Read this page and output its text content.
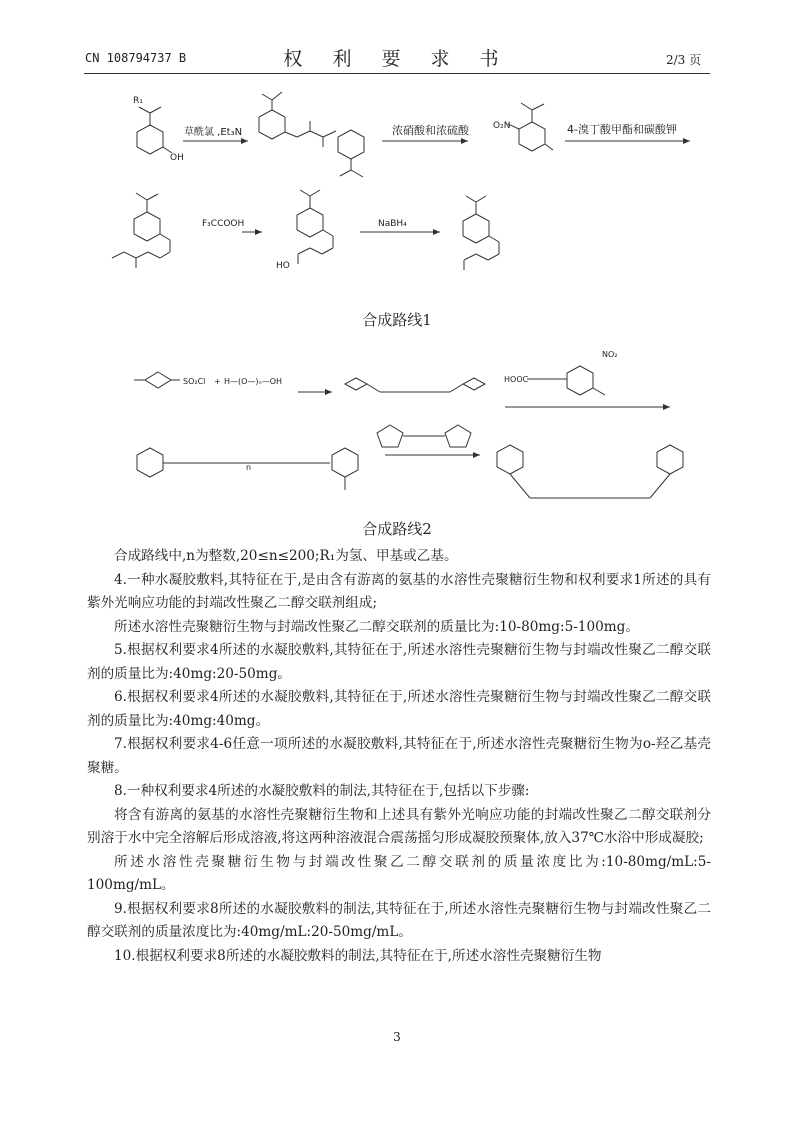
CN 108794737 B	权 利 要 求 书	2/3 页
R₁
OH
草酰氯 ,Et₃N	浓硝酸和浓硫酸	4-溴丁酸甲酯和碳酸钾
O₂N
F₃CCOOH	NaBH₄
HO
SO₂Cl + H⁠—(O⁠—)ₙ⁠—OH	HOOC
NO₂
n
合成路线1
合成路线2

合成路线中,n为整数,20≤n≤200;R₁为氢、甲基或乙基。

4.一种水凝胶敷料,其特征在于,是由含有游离的氨基的水溶性壳聚糖衍生物和权利要求1所述的具有紫外光响应功能的封端改性聚乙二醇交联剂组成;

所述水溶性壳聚糖衍生物与封端改性聚乙二醇交联剂的质量比为:10-80mg:5-100mg。

5.根据权利要求4所述的水凝胶敷料,其特征在于,所述水溶性壳聚糖衍生物与封端改性聚乙二醇交联剂的质量比为:40mg:20-50mg。

6.根据权利要求4所述的水凝胶敷料,其特征在于,所述水溶性壳聚糖衍生物与封端改性聚乙二醇交联剂的质量比为:40mg:40mg。

7.根据权利要求4-6任意一项所述的水凝胶敷料,其特征在于,所述水溶性壳聚糖衍生物为o-羟乙基壳聚糖。

8.一种权利要求4所述的水凝胶敷料的制法,其特征在于,包括以下步骤:

将含有游离的氨基的水溶性壳聚糖衍生物和上述具有紫外光响应功能的封端改性聚乙二醇交联剂分别溶于水中完全溶解后形成溶液,将这两种溶液混合震荡摇匀形成凝胶预聚体,放入37℃水浴中形成凝胶;

所述水溶性壳聚糖衍生物与封端改性聚乙二醇交联剂的质量浓度比为:10-80mg/mL:5-100mg/mL。

9.根据权利要求8所述的水凝胶敷料的制法,其特征在于,所述水溶性壳聚糖衍生物与封端改性聚乙二醇交联剂的质量浓度比为:40mg/mL:20-50mg/mL。

10.根据权利要求8所述的水凝胶敷料的制法,其特征在于,所述水溶性壳聚糖衍生物

3
